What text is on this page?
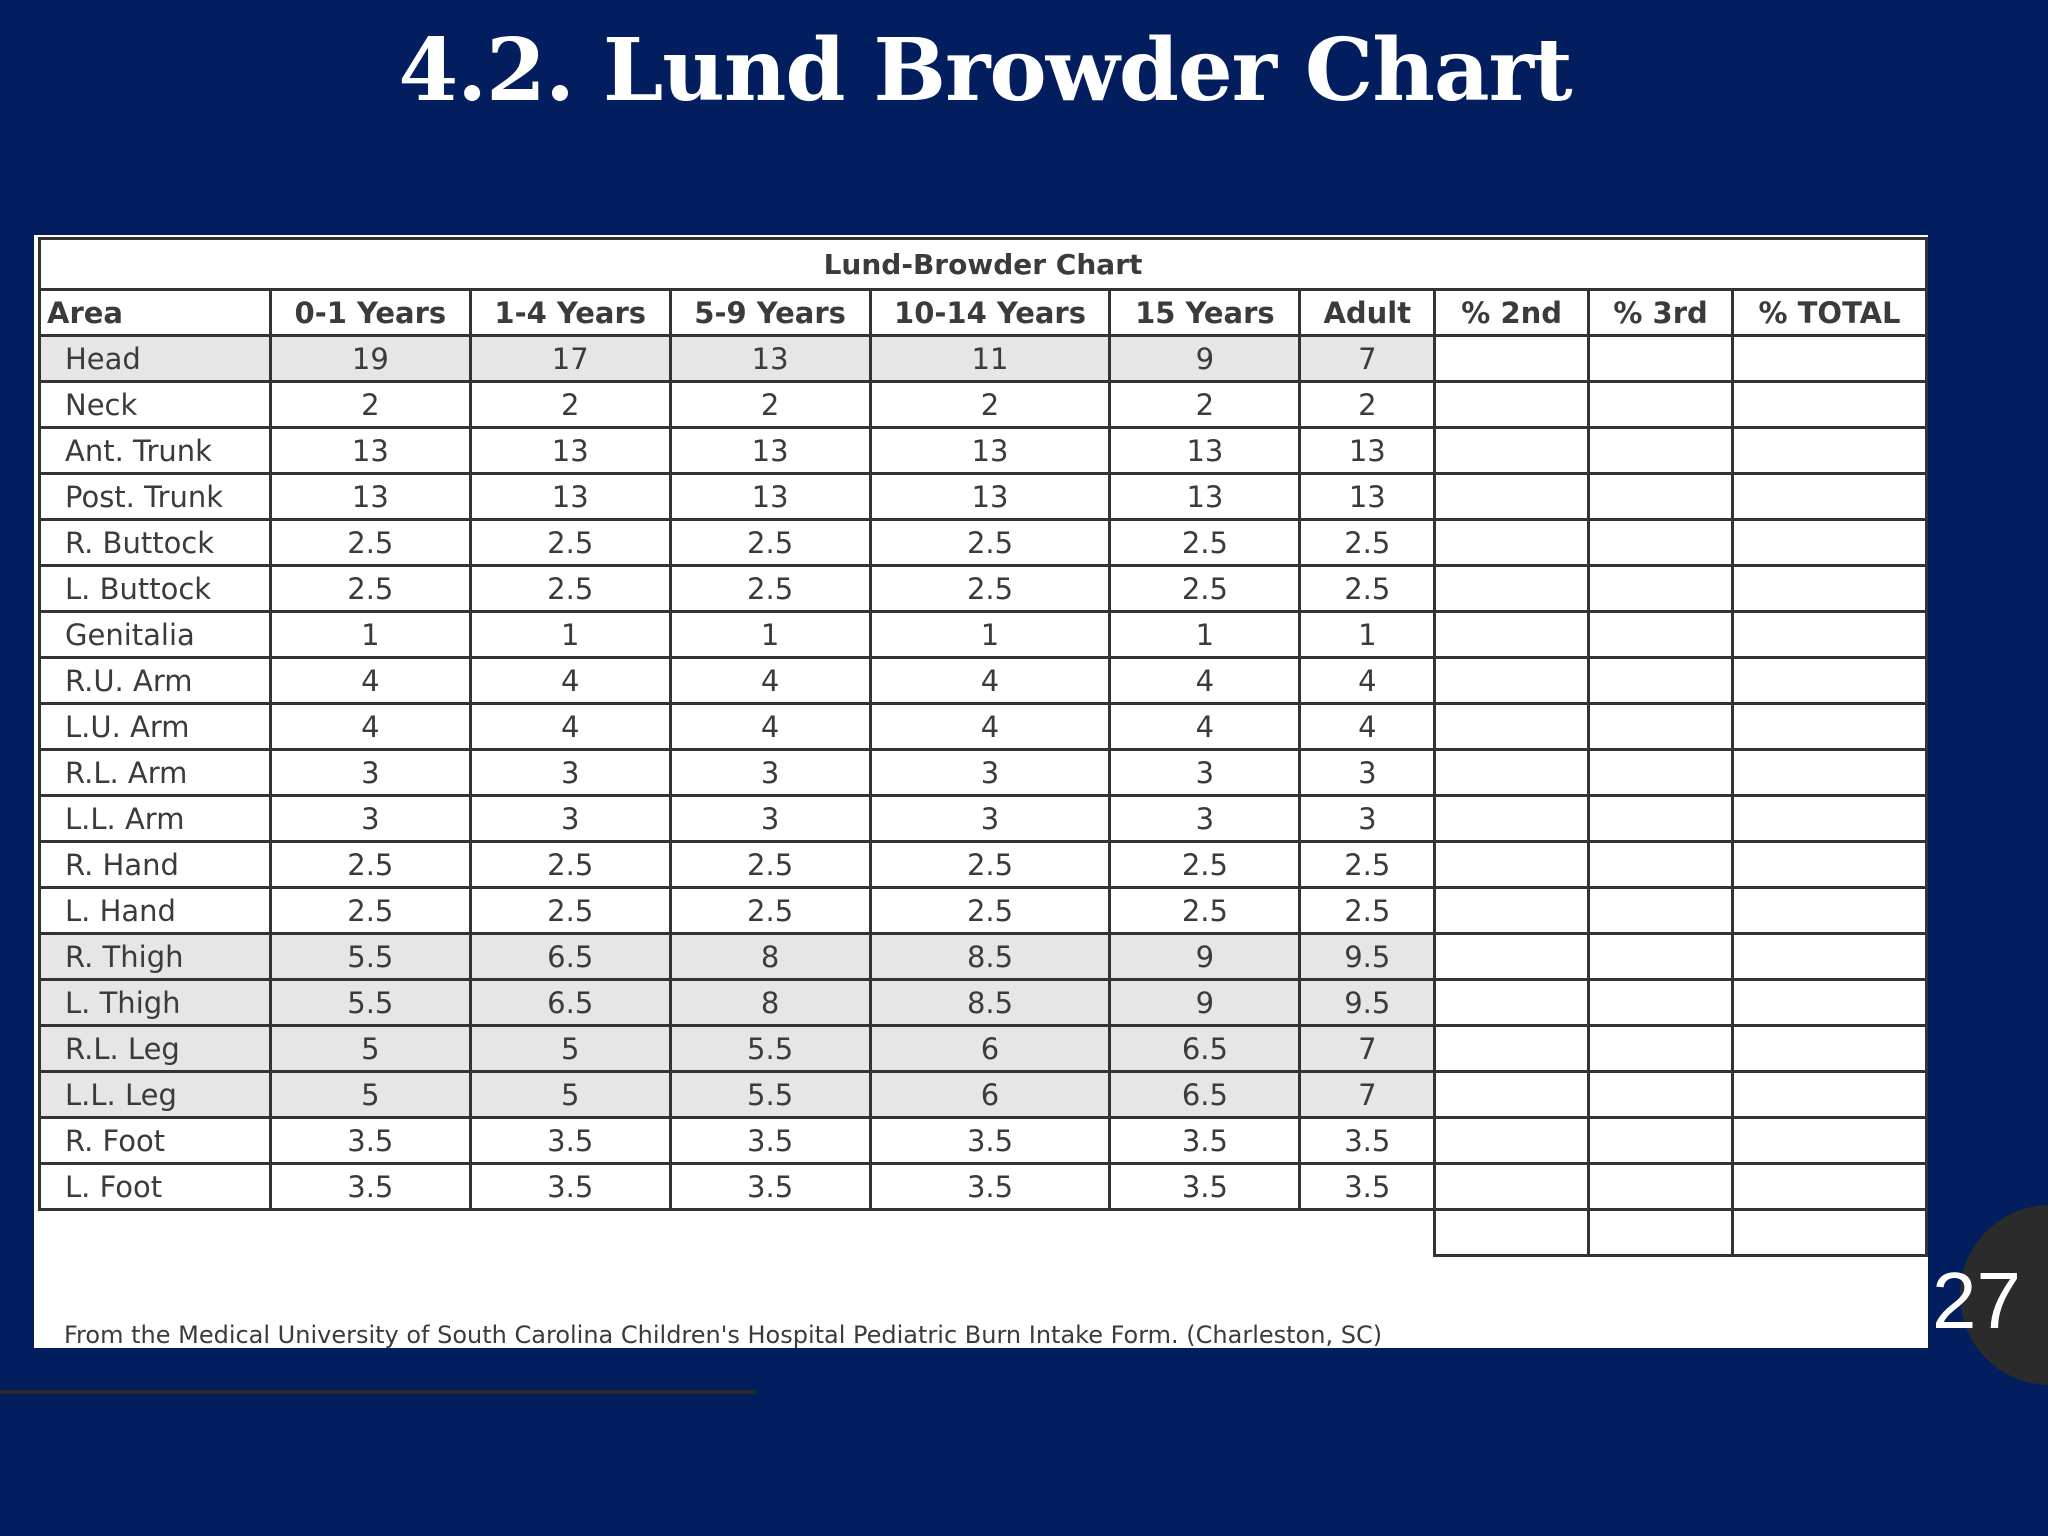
4.2. Lund Browder Chart
Lund-Browder Chart									
Area	0-1 Years	1-4 Years	5-9 Years	10-14 Years	15 Years	Adult	% 2nd	% 3rd	% TOTAL
Head	19	17	13	11	9	7			
Neck	2	2	2	2	2	2			
Ant. Trunk	13	13	13	13	13	13			
Post. Trunk	13	13	13	13	13	13			
R. Buttock	2.5	2.5	2.5	2.5	2.5	2.5			
L. Buttock	2.5	2.5	2.5	2.5	2.5	2.5			
Genitalia	1	1	1	1	1	1			
R.U. Arm	4	4	4	4	4	4			
L.U. Arm	4	4	4	4	4	4			
R.L. Arm	3	3	3	3	3	3			
L.L. Arm	3	3	3	3	3	3			
R. Hand	2.5	2.5	2.5	2.5	2.5	2.5			
L. Hand	2.5	2.5	2.5	2.5	2.5	2.5			
R. Thigh	5.5	6.5	8	8.5	9	9.5			
L. Thigh	5.5	6.5	8	8.5	9	9.5			
R.L. Leg	5	5	5.5	6	6.5	7			
L.L. Leg	5	5	5.5	6	6.5	7			
R. Foot	3.5	3.5	3.5	3.5	3.5	3.5			
L. Foot	3.5	3.5	3.5	3.5	3.5	3.5			

From the Medical University of South Carolina Children's Hospital Pediatric Burn Intake Form. (Charleston, SC)	27
